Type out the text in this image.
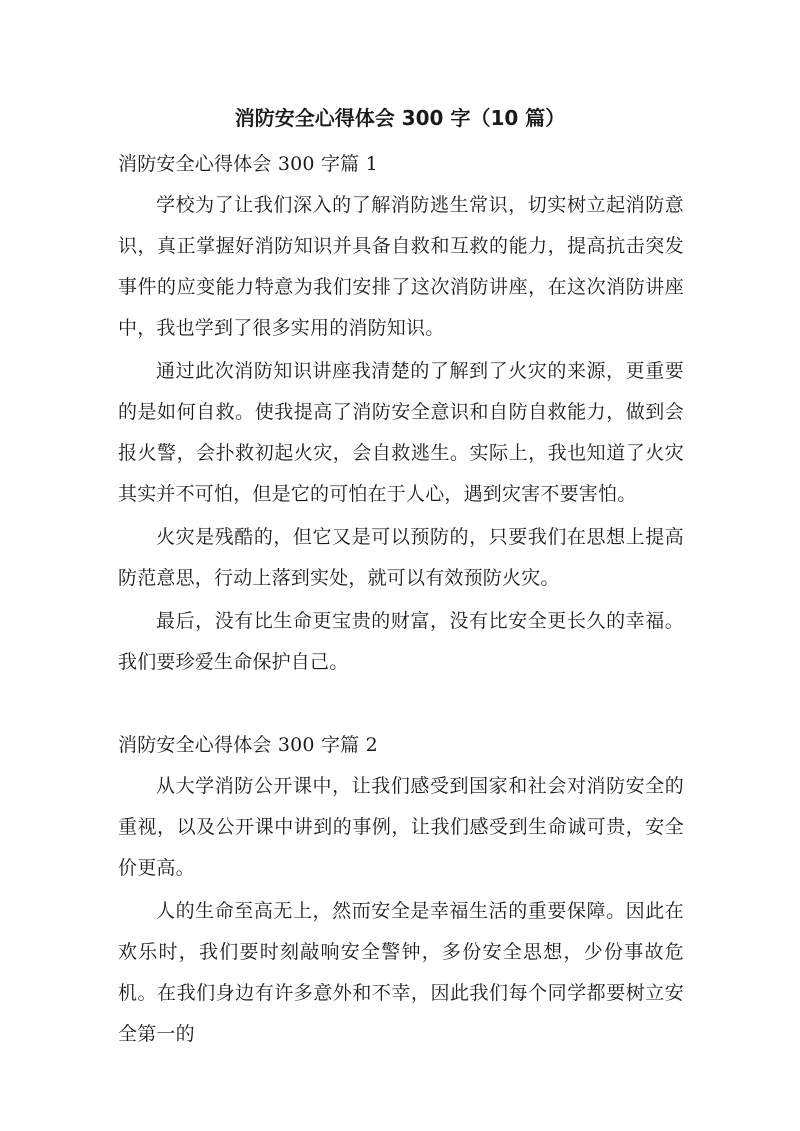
消防安全心得体会 300 字（10 篇）
消防安全心得体会 300 字篇 1

学校为了让我们深入的了解消防逃生常识，切实树立起消防意识，真正掌握好消防知识并具备自救和互救的能力，提高抗击突发事件的应变能力特意为我们安排了这次消防讲座，在这次消防讲座中，我也学到了很多实用的消防知识。

通过此次消防知识讲座我清楚的了解到了火灾的来源，更重要的是如何自救。使我提高了消防安全意识和自防自救能力，做到会报火警，会扑救初起火灾，会自救逃生。实际上，我也知道了火灾其实并不可怕，但是它的可怕在于人心，遇到灾害不要害怕。

火灾是残酷的，但它又是可以预防的，只要我们在思想上提高防范意思，行动上落到实处，就可以有效预防火灾。

最后，没有比生命更宝贵的财富，没有比安全更长久的幸福。我们要珍爱生命保护自己。

消防安全心得体会 300 字篇 2

从大学消防公开课中，让我们感受到国家和社会对消防安全的重视，以及公开课中讲到的事例，让我们感受到生命诚可贵，安全价更高。

人的生命至高无上，然而安全是幸福生活的重要保障。因此在欢乐时，我们要时刻敲响安全警钟，多份安全思想，少份事故危机。在我们身边有许多意外和不幸，因此我们每个同学都要树立安全第一的
